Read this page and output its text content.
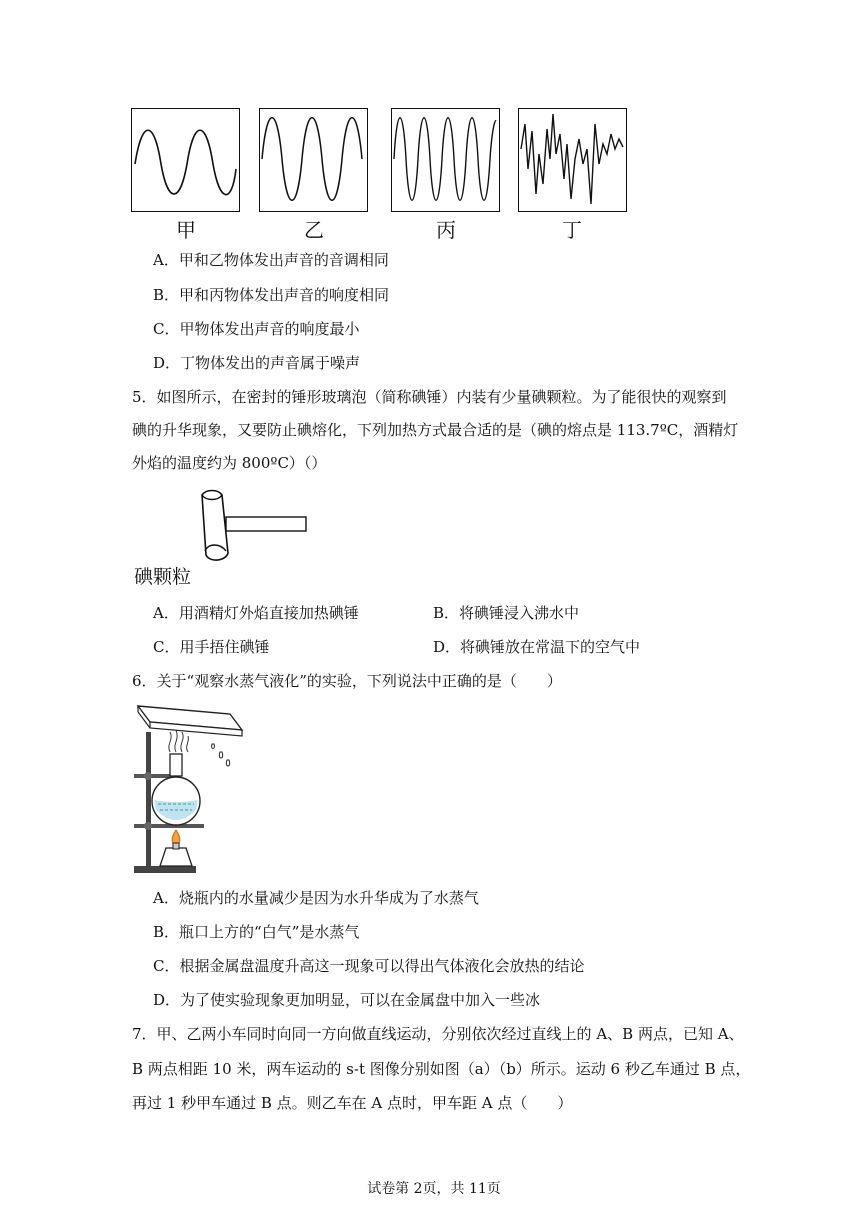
甲	乙	丙	丁
A．甲和乙物体发出声音的音调相同
B．甲和丙物体发出声音的响度相同
C．甲物体发出声音的响度最小
D．丁物体发出的声音属于噪声
5．如图所示，在密封的锤形玻璃泡（简称碘锤）内装有少量碘颗粒。为了能很快的观察到
碘的升华现象，又要防止碘熔化，下列加热方式最合适的是（碘的熔点是 113.7ºC，酒精灯
外焰的温度约为 800ºC）（）
碘颗粒
A．用酒精灯外焰直接加热碘锤	B．将碘锤浸入沸水中
C．用手捂住碘锤	D．将碘锤放在常温下的空气中
6．关于“观察水蒸气液化”的实验，下列说法中正确的是（　　）
A．烧瓶内的水量减少是因为水升华成为了水蒸气
B．瓶口上方的“白气”是水蒸气
C．根据金属盘温度升高这一现象可以得出气体液化会放热的结论
D．为了使实验现象更加明显，可以在金属盘中加入一些冰
7．甲、乙两小车同时向同一方向做直线运动，分别依次经过直线上的 A、B 两点，已知 A、
B 两点相距 10 米，两车运动的 s-t 图像分别如图（a）（b）所示。运动 6 秒乙车通过 B 点，
再过 1 秒甲车通过 B 点。则乙车在 A 点时，甲车距 A 点（　　）
试卷第 2页，共 11页
